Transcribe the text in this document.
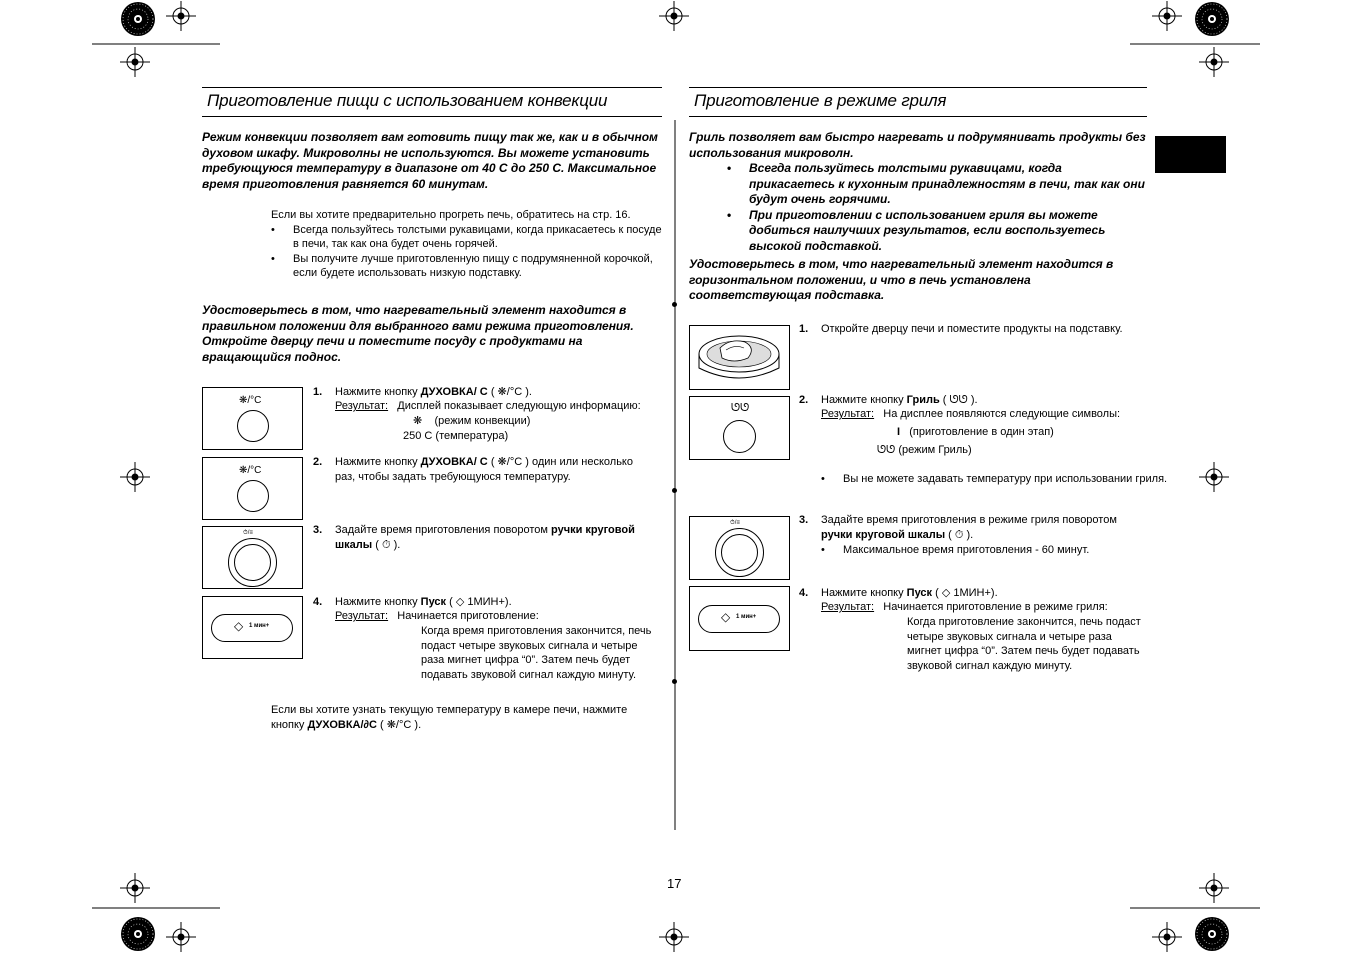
Приготовление пищи с использованием конвекции
Режим конвекции позволяет вам готовить пищу так же, как и в обычном духовом шкафу. Микроволны не используются. Вы можете установить требующуюся температуру в диапазоне от 40 С до 250 С. Максимальное время приготовления равняется 60 минутам.
Если вы хотите предварительно прогреть печь, обратитесь на стр. 16.
• Всегда пользуйтесь толстыми рукавицами, когда прикасаетесь к посуде в печи, так как она будет очень горячей.
• Вы получите лучше приготовленную пищу с подрумяненной корочкой, если будете использовать низкую подставку.
Удостоверьтесь в том, что нагревательный элемент находится в правильном положении для выбранного вами режима приготовления. Откройте дверцу печи и поместите посуду с продуктами на вращающийся поднос.
❋/°C
❋/°C
⏱/≡
◇ 1 мин+
1. Нажмите кнопку ДУХОВКА/ С ( ❋/°C ).
Результат: Дисплей показывает следующую информацию:
❋    (режим конвекции)
250 С (температура)
2. Нажмите кнопку ДУХОВКА/ С ( ❋/°C ) один или несколько раз, чтобы задать требующуюся температуру.
3. Задайте время приготовления поворотом ручки круговой шкалы ( ⏱ ).
4. Нажмите кнопку Пуск ( ◇ 1МИН+).
Результат: Начинается приготовление:
Когда время приготовления закончится, печь подаст четыре звуковых сигнала и четыре раза мигнет цифра “0”. Затем печь будет подавать звуковой сигнал каждую минуту.
Если вы хотите узнать текущую температуру в камере печи, нажмите кнопку ДУХОВКА/∂С ( ❋/°C ).
Приготовление в режиме гриля
Гриль позволяет вам быстро нагревать и подрумянивать продукты без использования микроволн.
• Всегда пользуйтесь толстыми рукавицами, когда прикасаетесь к кухонным принадлежностям в печи, так как они будут очень горячими.
• При приготовлении с использованием гриля вы можете добиться наилучших результатов, если воспользуетесь высокой подставкой.
Удостоверьтесь в том, что нагревательный элемент находится в горизонтальном положении, и что в печь установлена соответствующая подставка.
ᘎᘎ
⏱/≡
◇ 1 мин+
1. Откройте дверцу печи и поместите продукты на подставку.
2. Нажмите кнопку Гриль ( ᘎᘎ ).
Результат: На дисплее появляются следующие символы:
I (приготовление в один этап)
ᘎᘎ (режим Гриль)
• Вы не можете задавать температуру при использовании гриля.
3. Задайте время приготовления в режиме гриля поворотом ручки круговой шкалы ( ⏱ ).
• Максимальное время приготовления - 60 минут.
4. Нажмите кнопку Пуск ( ◇ 1МИН+).
Результат: Начинается приготовление в режиме гриля:
Когда приготовление закончится, печь подаст четыре звуковых сигнала и четыре раза мигнет цифра “0”. Затем печь будет подавать звуковой сигнал каждую минуту.
17
